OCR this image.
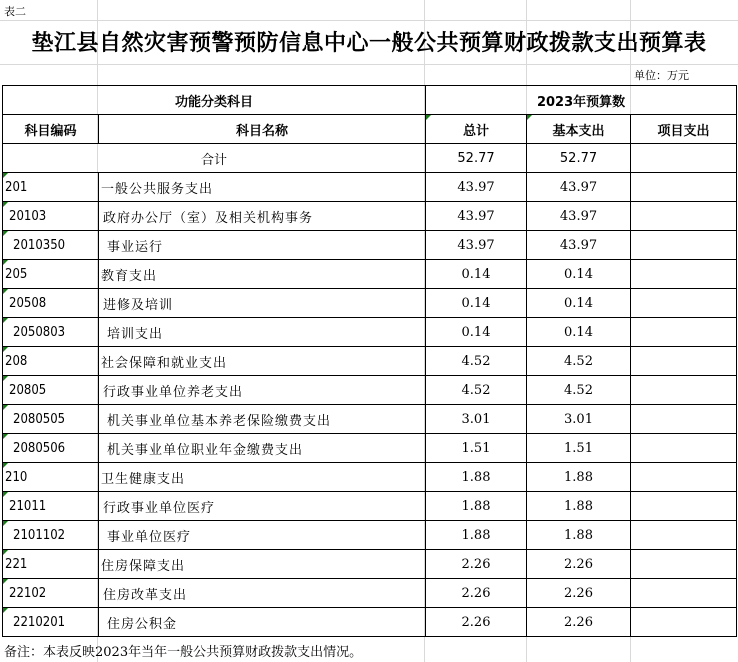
表二
垫江县自然灾害预警预防信息中心一般公共预算财政拨款支出预算表
单位：万元
功能分类科目		2023年预算数		
科目编码	科目名称	总计	基本支出	项目支出
合计		52.77	52.77	
201	一般公共服务支出	43.97	43.97	
20103	政府办公厅（室）及相关机构事务	43.97	43.97	
2010350	事业运行	43.97	43.97	
205	教育支出	0.14	0.14	
20508	进修及培训	0.14	0.14	
2050803	培训支出	0.14	0.14	
208	社会保障和就业支出	4.52	4.52	
20805	行政事业单位养老支出	4.52	4.52	
2080505	机关事业单位基本养老保险缴费支出	3.01	3.01	
2080506	机关事业单位职业年金缴费支出	1.51	1.51	
210	卫生健康支出	1.88	1.88	
21011	行政事业单位医疗	1.88	1.88	
2101102	事业单位医疗	1.88	1.88	
221	住房保障支出	2.26	2.26	
22102	住房改革支出	2.26	2.26	
2210201	住房公积金	2.26	2.26	
备注：本表反映2023年当年一般公共预算财政拨款支出情况。
